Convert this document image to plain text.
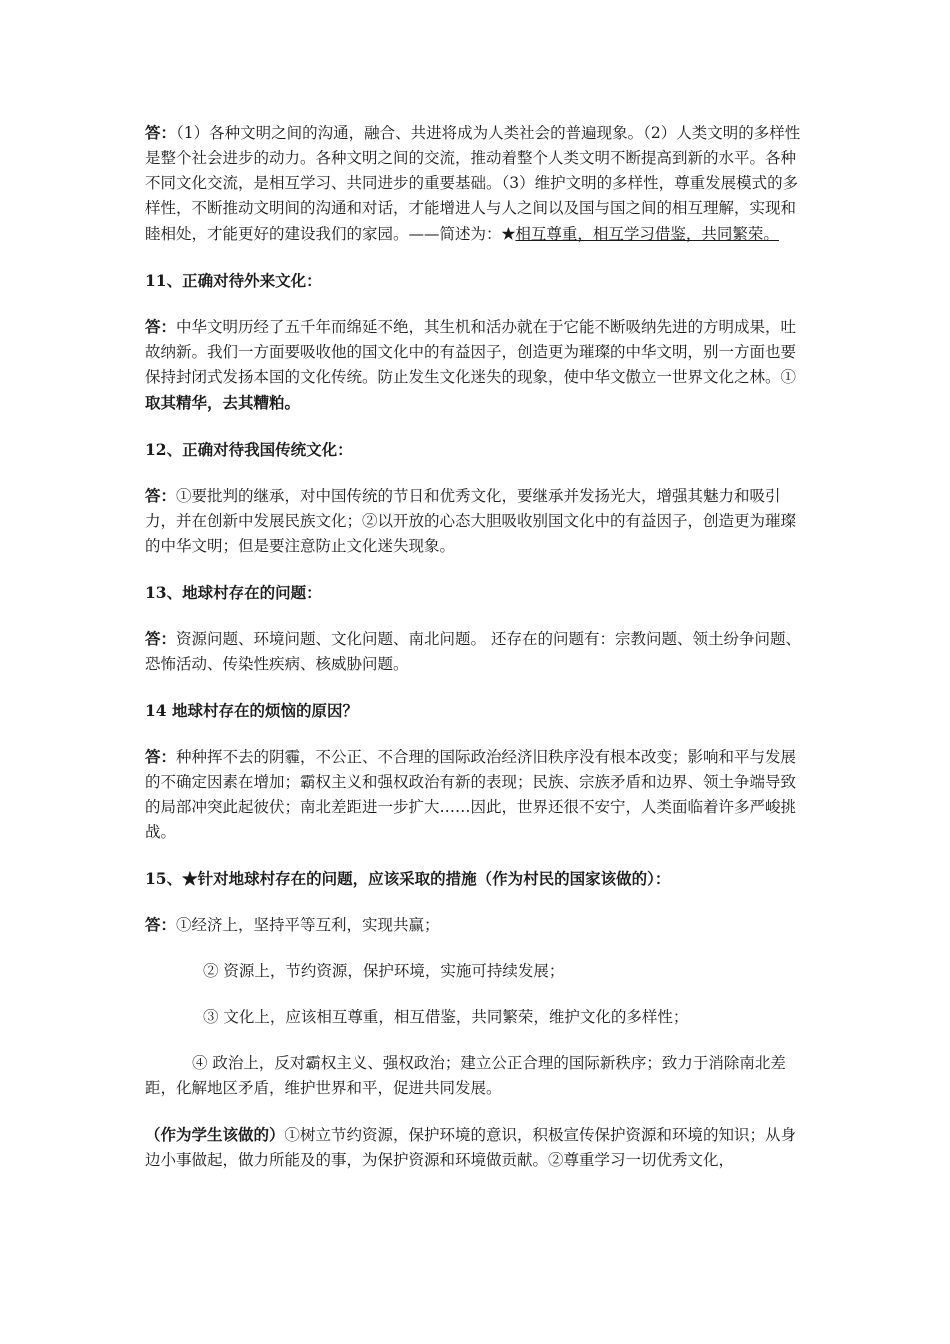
答：（1）各种文明之间的沟通，融合、共进将成为人类社会的普遍现象。（2）人类文明的多样性是整个社会进步的动力。各种文明之间的交流，推动着整个人类文明不断提高到新的水平。各种不同文化交流，是相互学习、共同进步的重要基础。（3）维护文明的多样性，尊重发展模式的多样性，不断推动文明间的沟通和对话，才能增进人与人之间以及国与国之间的相互理解，实现和睦相处，才能更好的建设我们的家园。——简述为：★相互尊重，相互学习借鉴，共同繁荣。

11、正确对待外来文化：

答：中华文明历经了五千年而绵延不绝，其生机和活办就在于它能不断吸纳先进的方明成果，吐故纳新。我们一方面要吸收他的国文化中的有益因子，创造更为璀璨的中华文明，别一方面也要保持封闭式发扬本国的文化传统。防止发生文化迷失的现象，使中华文傲立一世界文化之林。①取其精华，去其糟粕。

12、正确对待我国传统文化：

答：①要批判的继承，对中国传统的节日和优秀文化，要继承并发扬光大，增强其魅力和吸引力，并在创新中发展民族文化；②以开放的心态大胆吸收别国文化中的有益因子，创造更为璀璨的中华文明；但是要注意防止文化迷失现象。

13、地球村存在的问题：

答：资源问题、环境问题、文化问题、南北问题。 还存在的问题有：宗教问题、领土纷争问题、恐怖活动、传染性疾病、核威胁问题。

14 地球村存在的烦恼的原因？

答：种种挥不去的阴霾，不公正、不合理的国际政治经济旧秩序没有根本改变；影响和平与发展的不确定因素在增加；霸权主义和强权政治有新的表现；民族、宗族矛盾和边界、领土争端导致的局部冲突此起彼伏；南北差距进一步扩大……因此，世界还很不安宁，人类面临着许多严峻挑战。

15、★针对地球村存在的问题，应该采取的措施（作为村民的国家该做的）：

答：①经济上，坚持平等互利，实现共赢；

② 资源上，节约资源，保护环境，实施可持续发展；

③ 文化上，应该相互尊重，相互借鉴，共同繁荣，维护文化的多样性；

④ 政治上，反对霸权主义、强权政治；建立公正合理的国际新秩序；致力于消除南北差距，化解地区矛盾，维护世界和平，促进共同发展。

（作为学生该做的）①树立节约资源，保护环境的意识，积极宣传保护资源和环境的知识；从身边小事做起，做力所能及的事，为保护资源和环境做贡献。②尊重学习一切优秀文化，
